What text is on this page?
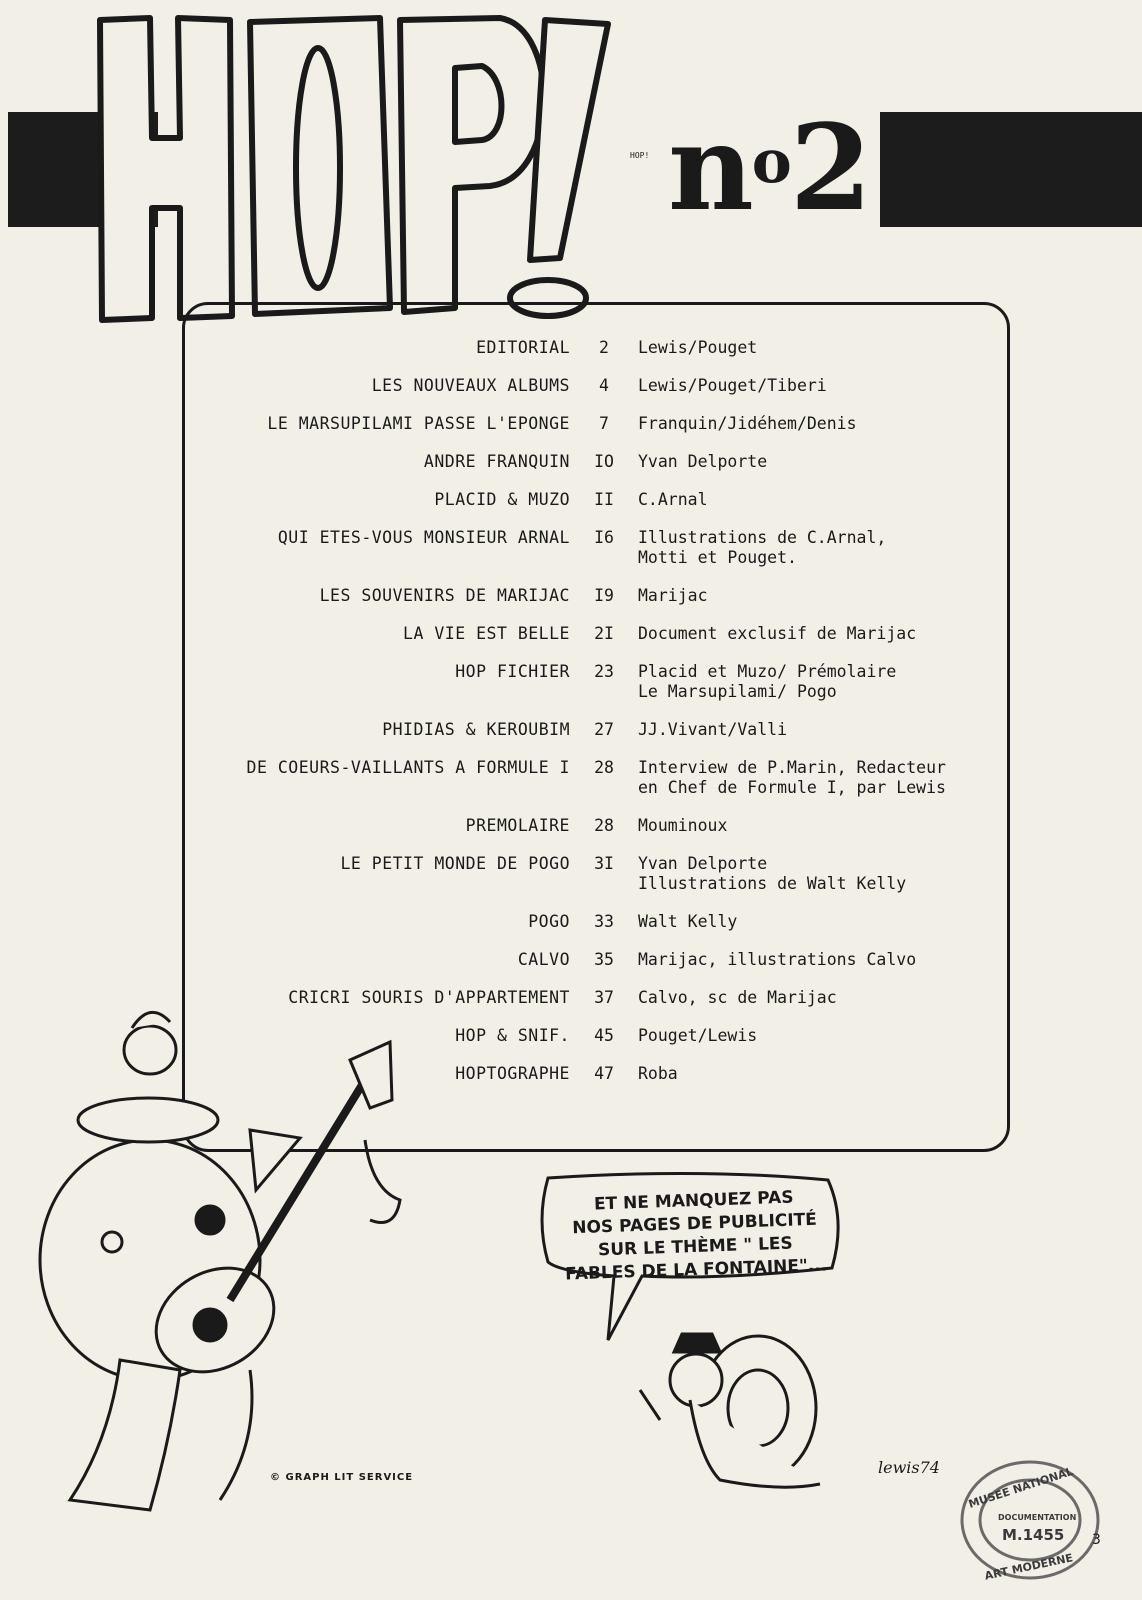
HOP! $n^o2$
EDITORIAL	2	Lewis/Pouget
LES NOUVEAUX ALBUMS	4	Lewis/Pouget/Tiberi
LE MARSUPILAMI PASSE L'EPONGE	7	Franquin/Jidéhem/Denis
ANDRE FRANQUIN	IO	Yvan Delporte
PLACID & MUZO	II	C.Arnal
QUI ETES-VOUS MONSIEUR ARNAL	I6	Illustrations de C.Arnal,
Motti et Pouget.
LES SOUVENIRS DE MARIJAC	I9	Marijac
LA VIE EST BELLE	2I	Document exclusif de Marijac
HOP FICHIER	23	Placid et Muzo/ Prémolaire
Le Marsupilami/ Pogo
PHIDIAS & KEROUBIM	27	JJ.Vivant/Valli
DE COEURS-VAILLANTS A FORMULE I	28	Interview de P.Marin, Redacteur
en Chef de Formule I, par Lewis
PREMOLAIRE	28	Mouminoux
LE PETIT MONDE DE POGO	3I	Yvan Delporte
Illustrations de Walt Kelly
POGO	33	Walt Kelly
CALVO	35	Marijac, illustrations Calvo
CRICRI SOURIS D'APPARTEMENT	37	Calvo, sc de Marijac
HOP & SNIF.	45	Pouget/Lewis
HOPTOGRAPHE	47	Roba
ET NE MANQUEZ PAS
NOS PAGES DE PUBLICITÉ
SUR LE THÈME " LES
FABLES DE LA FONTAINE"...
© GRAPH LIT SERVICE
lewis74 MUSEE NATIONAL
DOCUMENTATION
M.1455
ART MODERNE
3
